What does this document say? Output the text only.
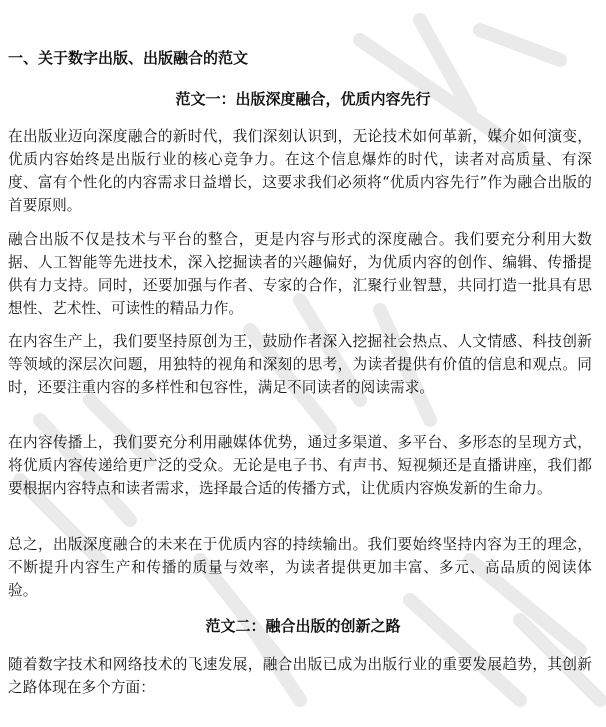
一、关于数字出版、出版融合的范文
范文一：出版深度融合，优质内容先行

在出版业迈向深度融合的新时代，我们深刻认识到，无论技术如何革新，媒介如何演变，优质内容始终是出版行业的核心竞争力。在这个信息爆炸的时代，读者对高质量、有深度、富有个性化的内容需求日益增长，这要求我们必须将“优质内容先行”作为融合出版的首要原则。

融合出版不仅是技术与平台的整合，更是内容与形式的深度融合。我们要充分利用大数据、人工智能等先进技术，深入挖掘读者的兴趣偏好，为优质内容的创作、编辑、传播提供有力支持。同时，还要加强与作者、专家的合作，汇聚行业智慧，共同打造一批具有思想性、艺术性、可读性的精品力作。

在内容生产上，我们要坚持原创为王，鼓励作者深入挖掘社会热点、人文情感、科技创新等领域的深层次问题，用独特的视角和深刻的思考，为读者提供有价值的信息和观点。同时，还要注重内容的多样性和包容性，满足不同读者的阅读需求。

在内容传播上，我们要充分利用融媒体优势，通过多渠道、多平台、多形态的呈现方式，将优质内容传递给更广泛的受众。无论是电子书、有声书、短视频还是直播讲座，我们都要根据内容特点和读者需求，选择最合适的传播方式，让优质内容焕发新的生命力。

总之，出版深度融合的未来在于优质内容的持续输出。我们要始终坚持内容为王的理念，不断提升内容生产和传播的质量与效率，为读者提供更加丰富、多元、高品质的阅读体验。

范文二：融合出版的创新之路

随着数字技术和网络技术的飞速发展，融合出版已成为出版行业的重要发展趋势，其创新之路体现在多个方面：
